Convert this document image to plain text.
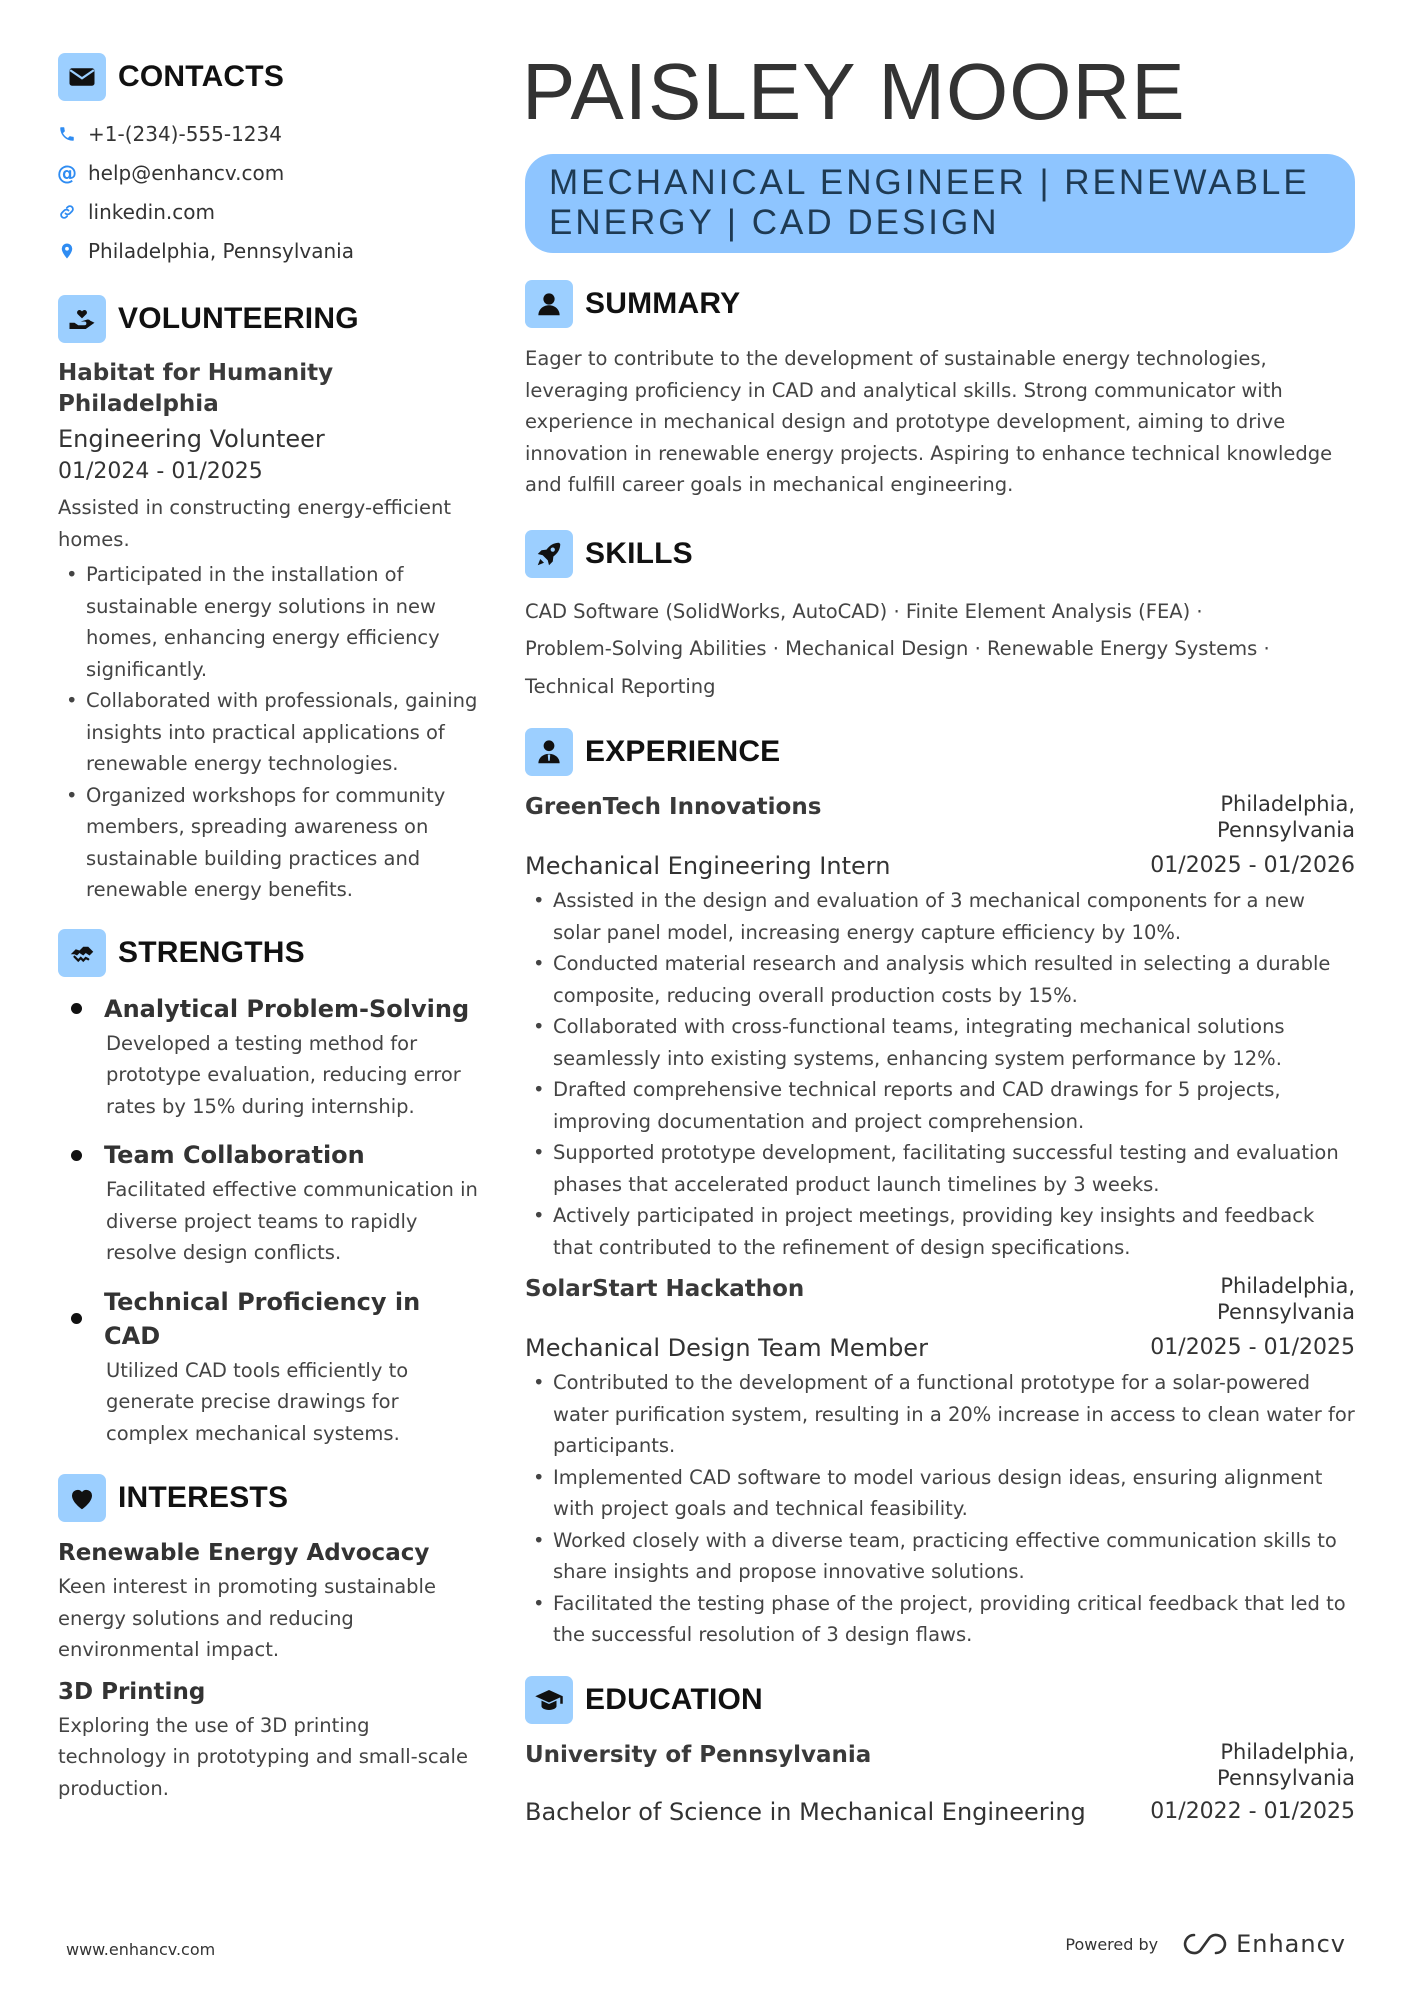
CONTACTS
+1-(234)-555-1234
@ help@enhancv.com
linkedin.com
Philadelphia, Pennsylvania
VOLUNTEERING
Habitat for Humanity Philadelphia
Engineering Volunteer
01/2024 - 01/2025
Assisted in constructing energy-efficient homes.
• Participated in the installation of sustainable energy solutions in new homes, enhancing energy efficiency significantly.
• Collaborated with professionals, gaining insights into practical applications of renewable energy technologies.
• Organized workshops for community members, spreading awareness on sustainable building practices and renewable energy benefits.
STRENGTHS
Analytical Problem-Solving
Developed a testing method for prototype evaluation, reducing error rates by 15% during internship.
Team Collaboration
Facilitated effective communication in diverse project teams to rapidly resolve design conflicts.
Technical Proficiency in CAD
Utilized CAD tools efficiently to generate precise drawings for complex mechanical systems.
INTERESTS
Renewable Energy Advocacy
Keen interest in promoting sustainable energy solutions and reducing environmental impact.
3D Printing
Exploring the use of 3D printing technology in prototyping and small-scale production.
PAISLEY MOORE
MECHANICAL ENGINEER | RENEWABLE ENERGY | CAD DESIGN
SUMMARY
Eager to contribute to the development of sustainable energy technologies, leveraging proficiency in CAD and analytical skills. Strong communicator with experience in mechanical design and prototype development, aiming to drive innovation in renewable energy projects. Aspiring to enhance technical knowledge and fulfill career goals in mechanical engineering.
SKILLS
CAD Software (SolidWorks, AutoCAD) · Finite Element Analysis (FEA) ·
Problem-Solving Abilities · Mechanical Design · Renewable Energy Systems ·
Technical Reporting
EXPERIENCE
GreenTech Innovations	Philadelphia,
Pennsylvania
Mechanical Engineering Intern	01/2025 - 01/2026
• Assisted in the design and evaluation of 3 mechanical components for a new solar panel model, increasing energy capture efficiency by 10%.
• Conducted material research and analysis which resulted in selecting a durable composite, reducing overall production costs by 15%.
• Collaborated with cross-functional teams, integrating mechanical solutions seamlessly into existing systems, enhancing system performance by 12%.
• Drafted comprehensive technical reports and CAD drawings for 5 projects, improving documentation and project comprehension.
• Supported prototype development, facilitating successful testing and evaluation phases that accelerated product launch timelines by 3 weeks.
• Actively participated in project meetings, providing key insights and feedback that contributed to the refinement of design specifications.
SolarStart Hackathon	Philadelphia,
Pennsylvania
Mechanical Design Team Member	01/2025 - 01/2025
• Contributed to the development of a functional prototype for a solar-powered water purification system, resulting in a 20% increase in access to clean water for participants.
• Implemented CAD software to model various design ideas, ensuring alignment with project goals and technical feasibility.
• Worked closely with a diverse team, practicing effective communication skills to share insights and propose innovative solutions.
• Facilitated the testing phase of the project, providing critical feedback that led to the successful resolution of 3 design flaws.
EDUCATION
University of Pennsylvania	Philadelphia,
Pennsylvania
Bachelor of Science in Mechanical Engineering	01/2022 - 01/2025
www.enhancv.com	Powered by	Enhancv
